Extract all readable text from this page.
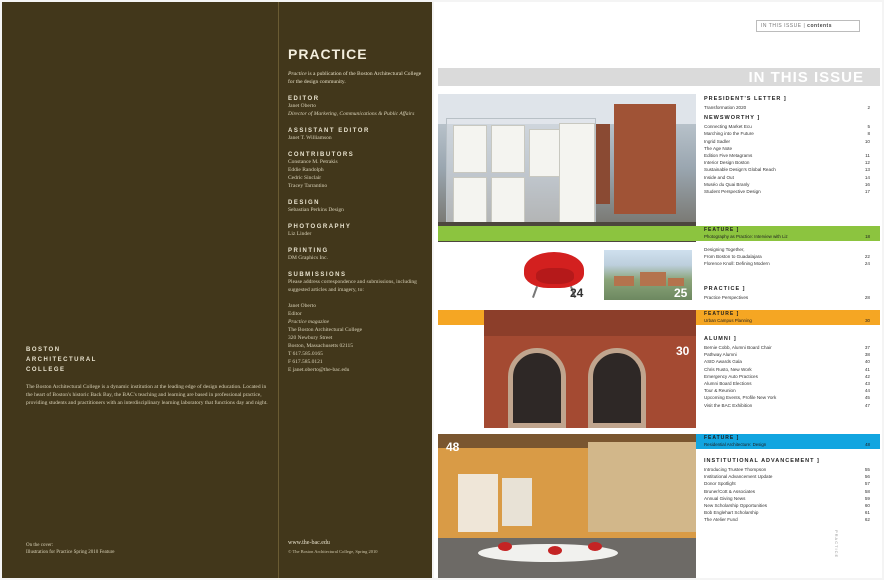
BOSTON
ARCHITECTURAL
COLLEGE
The Boston Architectural College is a dynamic institution at the leading edge of design education. Located in the heart of Boston's historic Back Bay, the BAC's teaching and learning are based in professional practice, providing students and practitioners with an interdisciplinary learning laboratory that functions day and night.
On the cover:
Illustration for Practice Spring 2010 Feature
PRACTICE
Practice is a publication of the Boston Architectural College for the design community.
EDITOR
Janet Oberto
Director of Marketing, Communications & Public Affairs
ASSISTANT EDITOR
Janet T. Williamson
CONTRIBUTORS
Constance M. Petrakis
Eddie Randolph
Cedric Sinclair
Tracey Tarrantino
DESIGN
Sebastian Perkins Design
PHOTOGRAPHY
Liz Linder
PRINTING
DM Graphics Inc.
SUBMISSIONS
Please address correspondence and submissions, including suggested articles and imagery, to:
Janet Oberto
Editor
Practice magazine
The Boston Architectural College
320 Newbury Street
Boston, Massachusetts 02115
T 617.585.0165
F 617.585.0121
E janet.oberto@the-bac.edu
www.the-bac.edu
© The Boston Architectural College, Spring 2010
IN THIS ISSUE | contents
IN THIS ISSUE
FEATURE ]
Photography as Practice: Interview with Liz	18
24	25
FEATURE ]
Urban Campus Planning	30
30
FEATURE ]
Residential Architecture: Design	48
48
PRESIDENT'S LETTER ]
Transformation 2020	2
NEWSWORTHY ]
Connecting Market Ecu	5
Marching into the Future	8
Ingrid Sadler	10
The Age Note
Edition Five Metagrams	11
Interior Design Boston	12
Sustainable Design's Global Reach	13
Inside and Out	14
Muséo du Quai Branly	16
Student Perspective Design	17
Designing Together,
From Boston to Guadalajara	22
Florence Knoll: Defining Modern	24
PRACTICE ]
Practice Perspectives	28
ALUMNI ]
Bernie Cobb, Alumni Board Chair	37
Pathway Alumni	38
ASID Awards Gala	40
Chris Rusto, New Work	41
Emergency Auto Practices	42
Alumni Board Elections	43
Tour & Reunion	44
Upcoming Events, Profile New York	45
Visit the BAC Exhibition	47
INSTITUTIONAL ADVANCEMENT ]
Introducing Trustee Thompson	55
Institutional Advancement Update	56
Donor Spotlight	57
Bruner/Cott & Associates	58
Annual Giving News	59
New Scholarship Opportunities	60
Bob Englehart Scholarship	61
The Atelier Fund	62
PRACTICE
